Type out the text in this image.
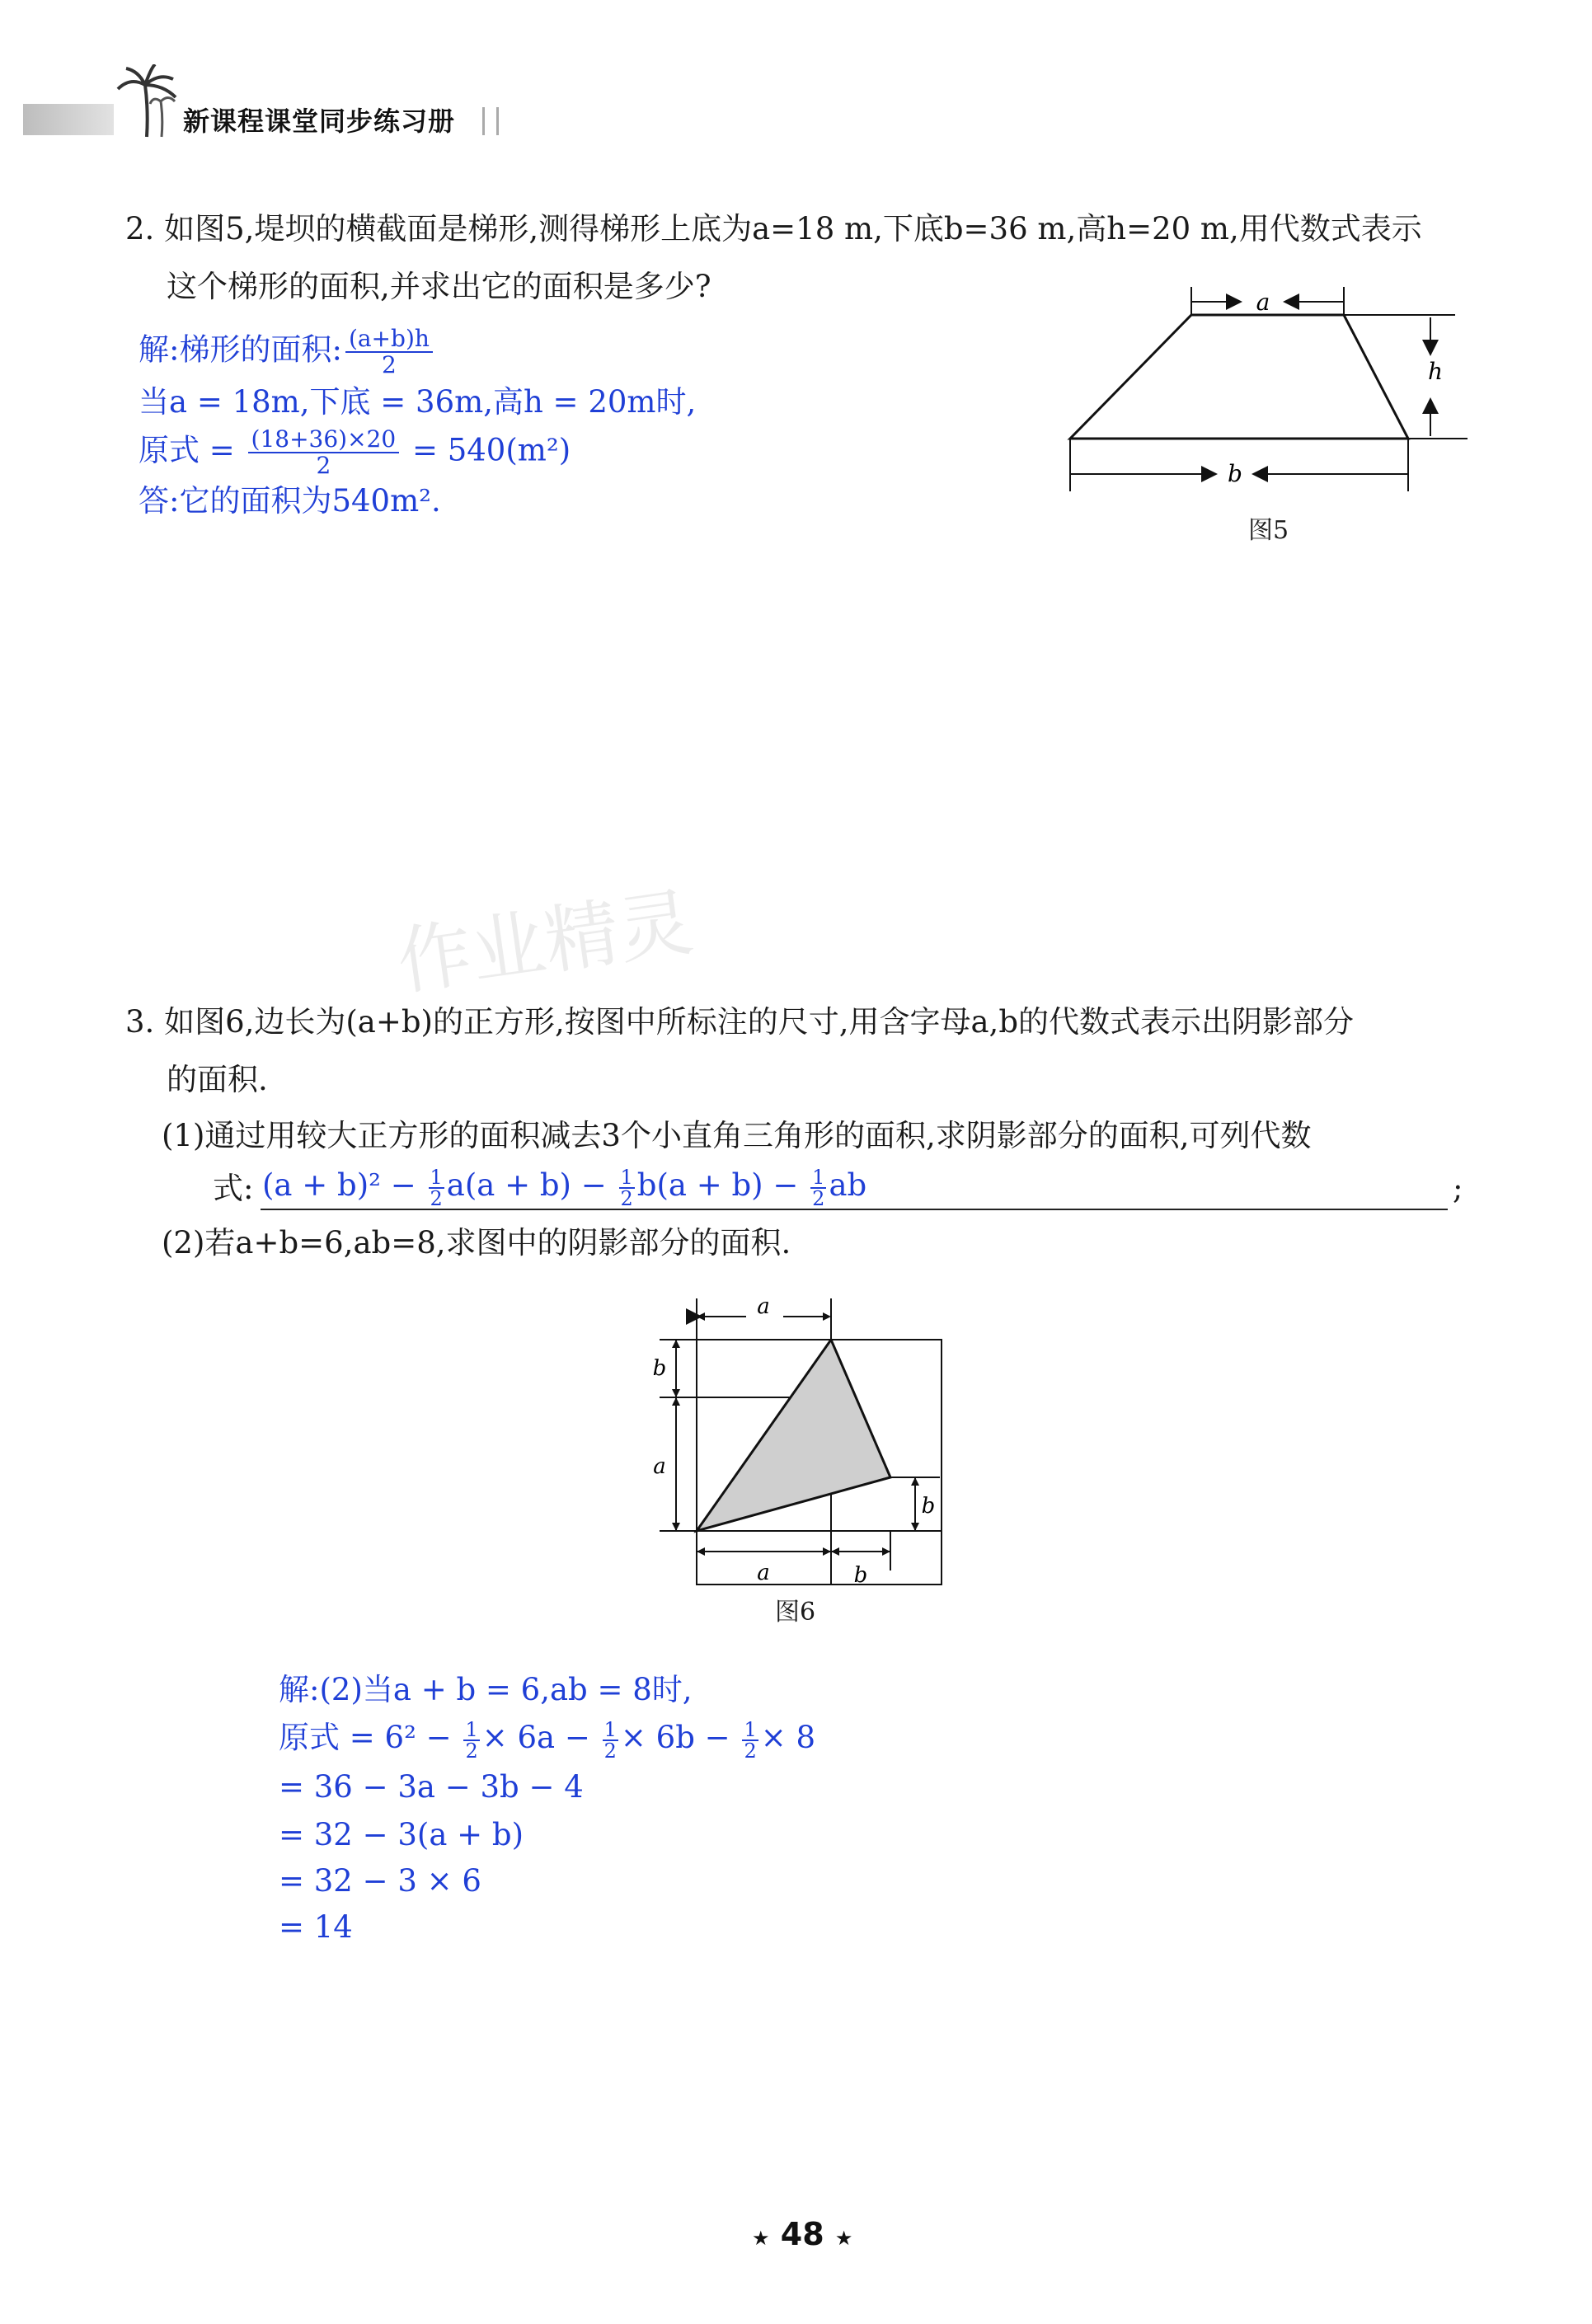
新课程课堂同步练习册
2. 如图5,堤坝的横截面是梯形,测得梯形上底为a=18 m,下底b=36 m,高h=20 m,用代数式表示
这个梯形的面积,并求出它的面积是多少?
解:梯形的面积: $\frac{(a+b)h}{2}$
当a = 18m,下底 = 36m,高h = 20m时,
原式 = $\frac{(18+36)\times 20}{2} = 540(m^2)$
答:它的面积为540m².
a
h
b
图5
3. 如图6,边长为(a+b)的正方形,按图中所标注的尺寸,用含字母a,b的代数式表示出阴影部分
的面积.
(1)通过用较大正方形的面积减去3个小直角三角形的面积,求阴影部分的面积,可列代数
式: $(a + b)^2 - \frac{1}{2} a(a + b) - \frac{1}{2} b(a + b) - \frac{1}{2}$ ab	;
(2)若a+b=6,ab=8,求图中的阴影部分的面积.
a
b
a
b
a	b
图6
解:(2)当a + b = 6,ab = 8时,
原式 = $6^2 - \frac{1}{2} \times 6a - \frac{1}{2} \times 6b - \frac{1}{2} \times 8$
= 36 − 3a − 3b − 4
= 32 − 3(a + b)
= 32 − 3 × 6
= 14
作业精灵
★ 48 ★
